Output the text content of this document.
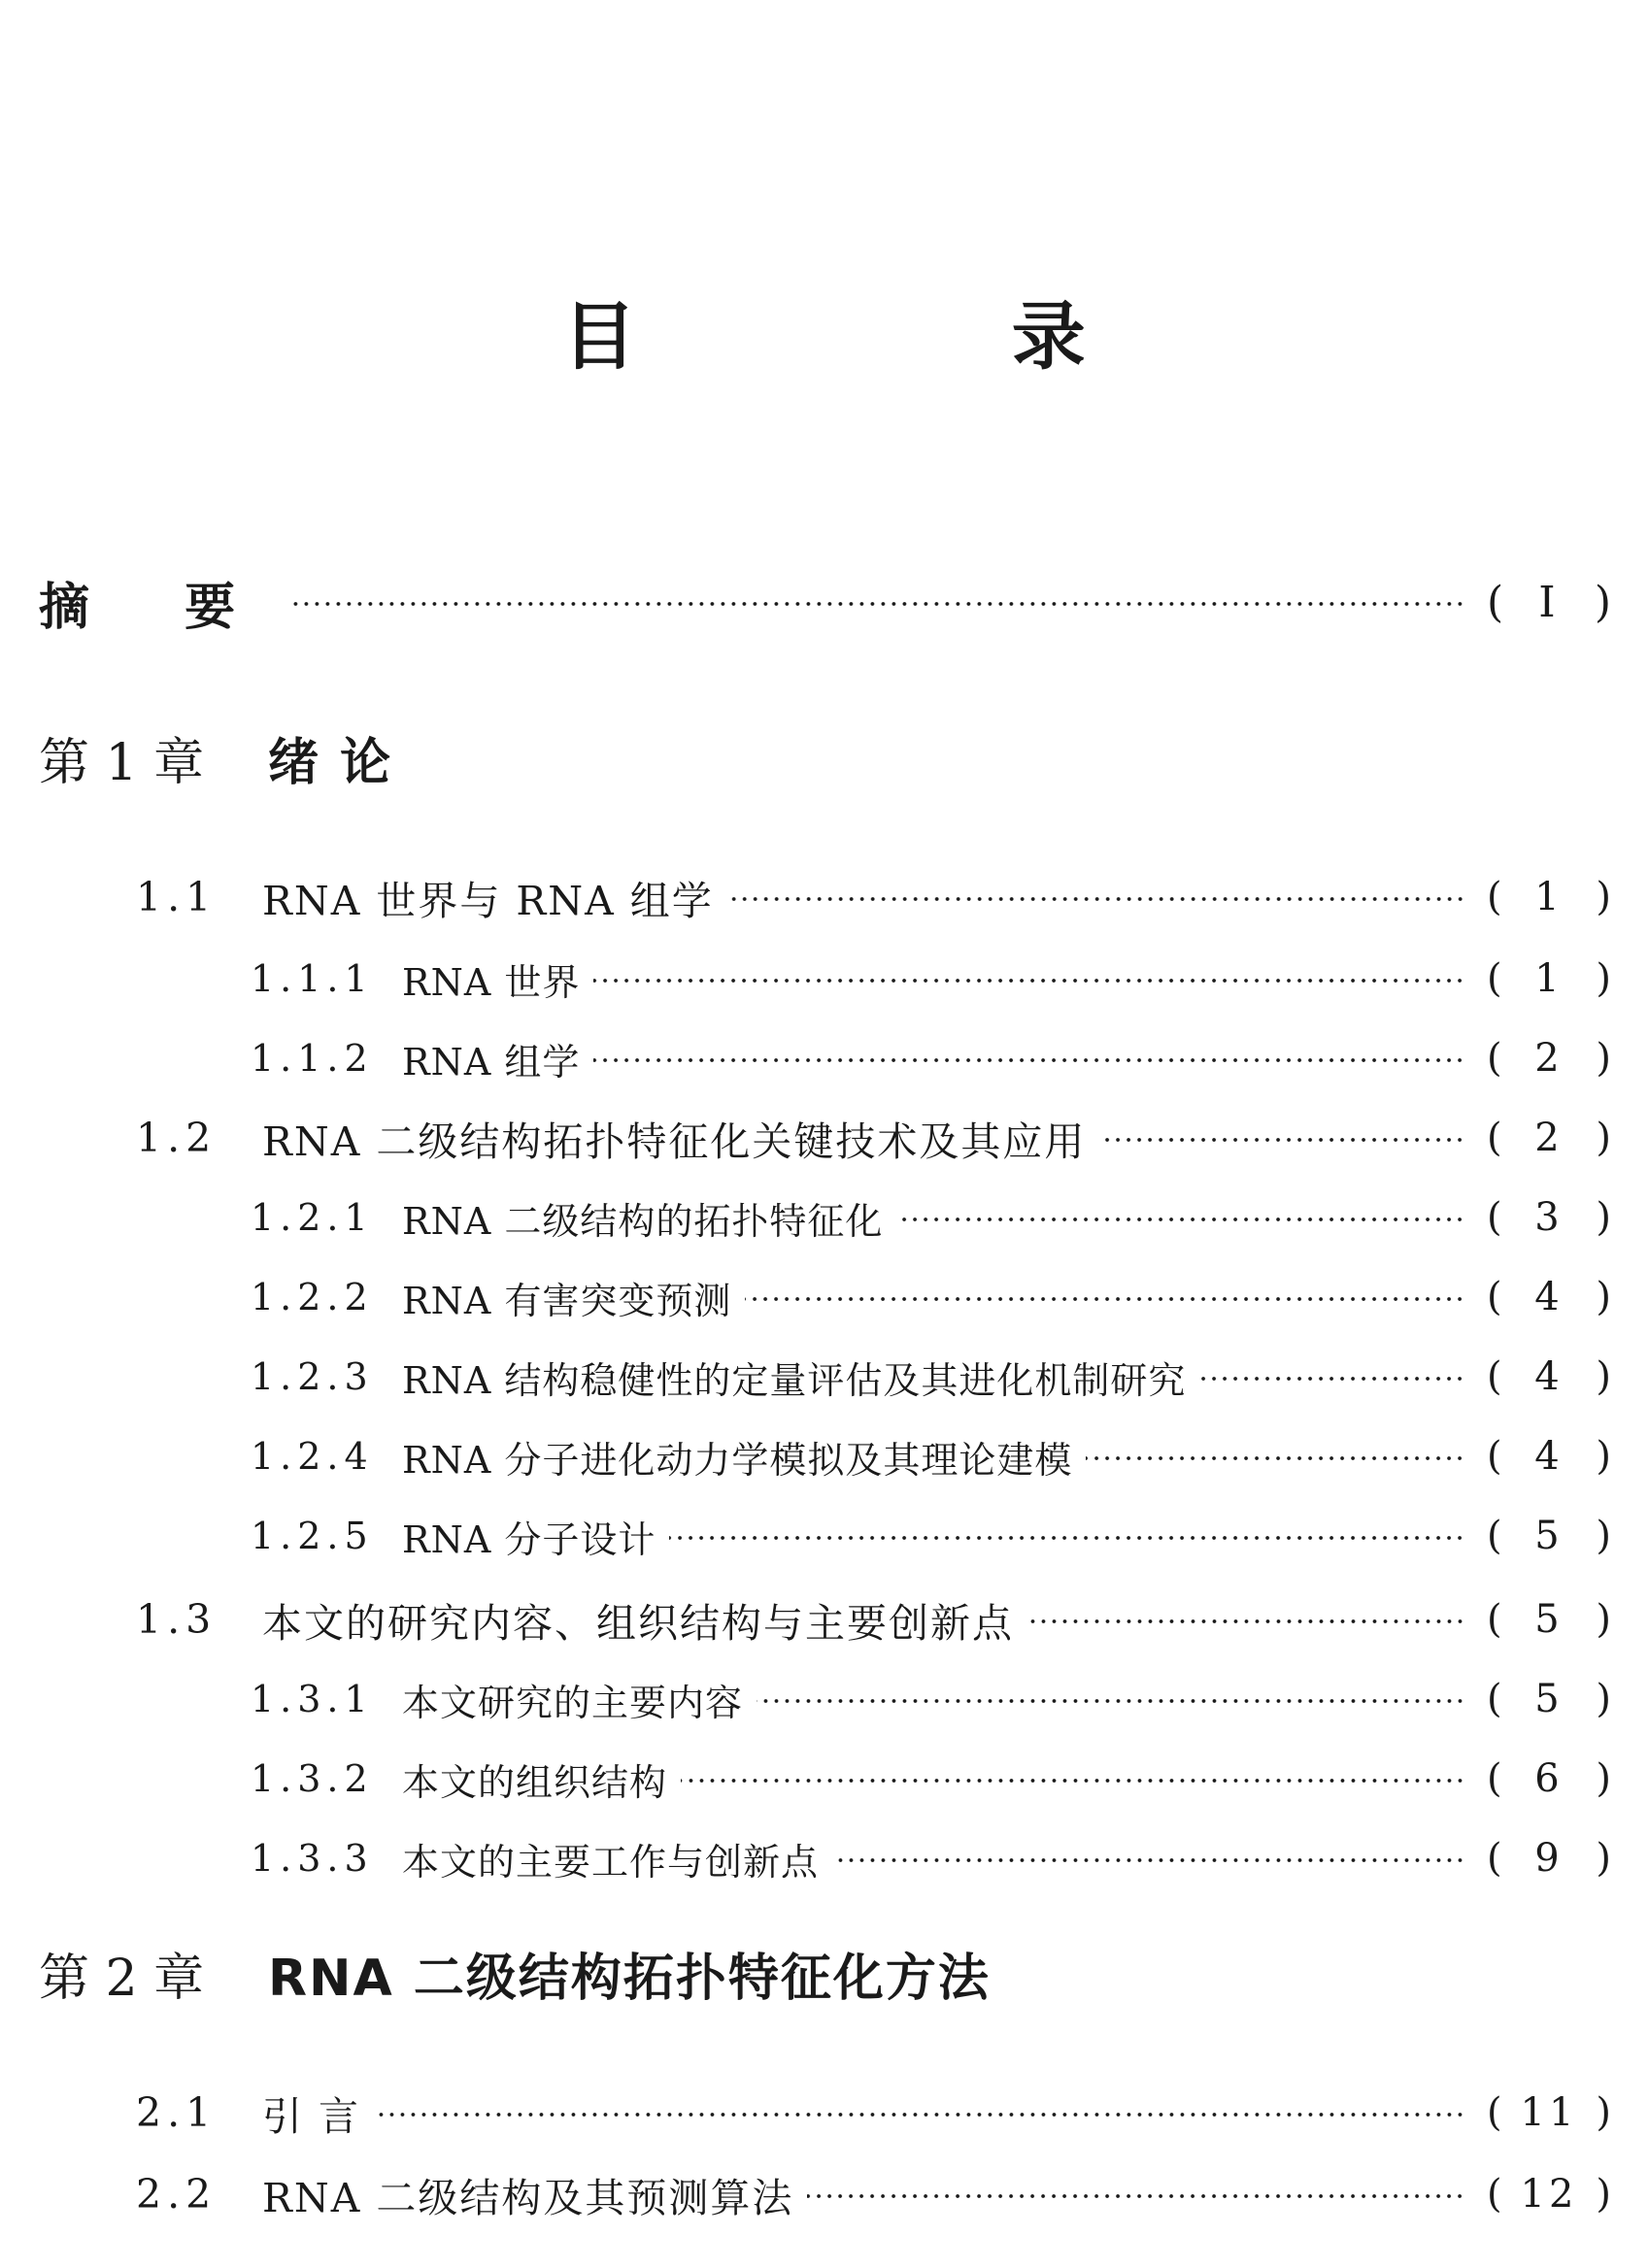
目 录
摘 要	( I )
第 1 章	绪 论
1.1	RNA 世界与 RNA 组学	( 1 )
1.1.1 RNA 世界	( 1 )
1.1.2 RNA 组学	( 2 )
1.2	RNA 二级结构拓扑特征化关键技术及其应用	( 2 )
1.2.1 RNA 二级结构的拓扑特征化	( 3 )
1.2.2 RNA 有害突变预测	( 4 )
1.2.3 RNA 结构稳健性的定量评估及其进化机制研究	( 4 )
1.2.4 RNA 分子进化动力学模拟及其理论建模	( 4 )
1.2.5 RNA 分子设计	( 5 )
1.3	本文的研究内容、组织结构与主要创新点	( 5 )
1.3.1 本文研究的主要内容	( 5 )
1.3.2 本文的组织结构	( 6 )
1.3.3 本文的主要工作与创新点	( 9 )
第 2 章	RNA 二级结构拓扑特征化方法
2.1	引 言	( 11 )
2.2	RNA 二级结构及其预测算法	( 12 )
